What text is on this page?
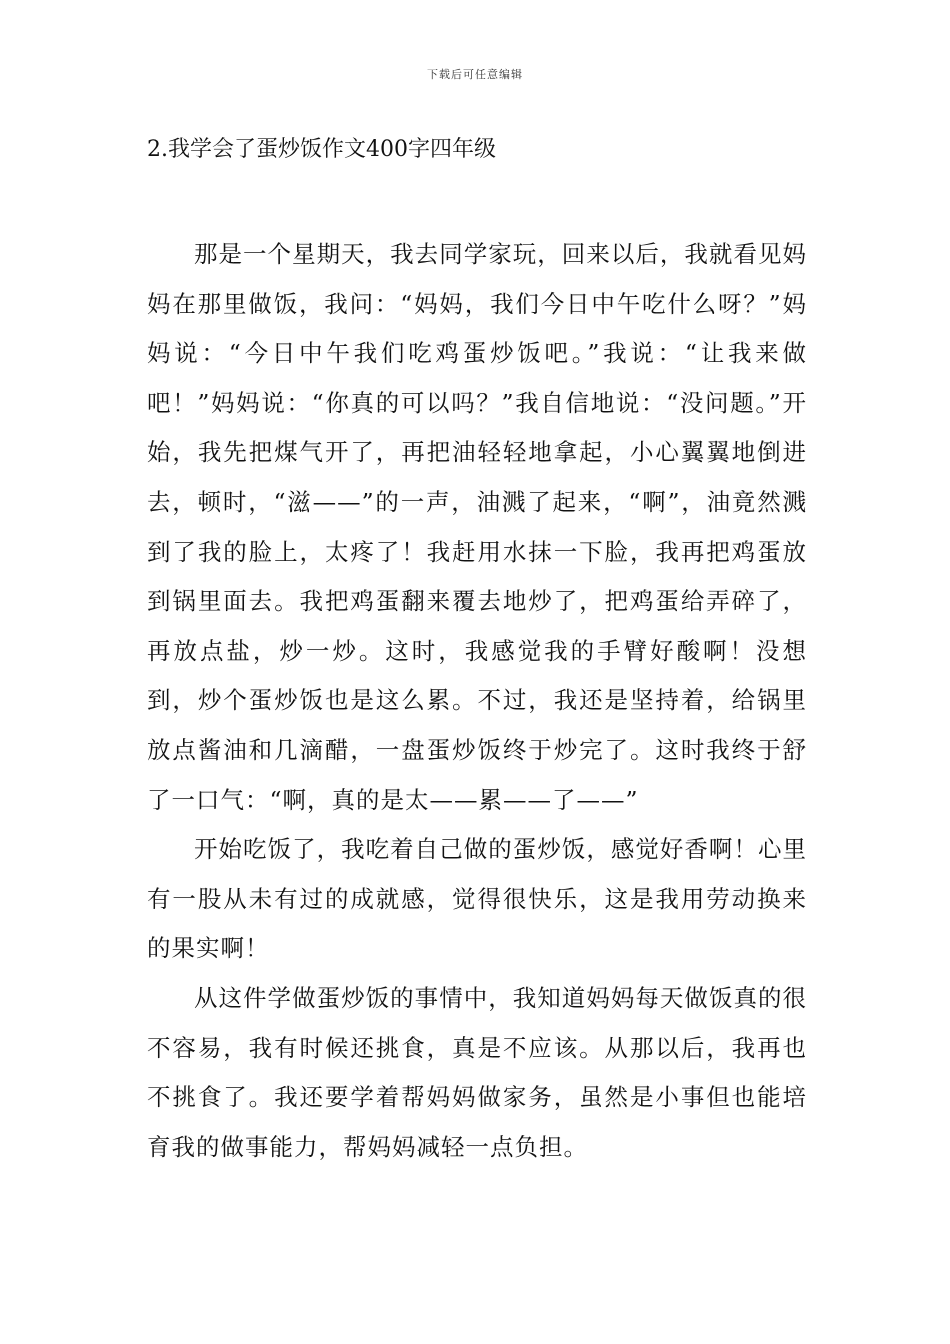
下载后可任意编辑
2.我学会了蛋炒饭作文400字四年级

那是一个星期天，我去同学家玩，回来以后，我就看见妈妈在那里做饭，我问：“妈妈，我们今日中午吃什么呀？”妈妈说：“今日中午我们吃鸡蛋炒饭吧。”我说：“让我来做吧！”妈妈说：“你真的可以吗？”我自信地说：“没问题。”开始，我先把煤气开了，再把油轻轻地拿起，小心翼翼地倒进去，顿时，“滋——”的一声，油溅了起来，“啊”，油竟然溅到了我的脸上，太疼了！我赶用水抹一下脸，我再把鸡蛋放到锅里面去。我把鸡蛋翻来覆去地炒了，把鸡蛋给弄碎了，再放点盐，炒一炒。这时，我感觉我的手臂好酸啊！没想到，炒个蛋炒饭也是这么累。不过，我还是坚持着，给锅里放点酱油和几滴醋，一盘蛋炒饭终于炒完了。这时我终于舒了一口气：“啊，真的是太——累——了——”

开始吃饭了，我吃着自己做的蛋炒饭，感觉好香啊！心里有一股从未有过的成就感，觉得很快乐，这是我用劳动换来的果实啊！

从这件学做蛋炒饭的事情中，我知道妈妈每天做饭真的很不容易，我有时候还挑食，真是不应该。从那以后，我再也不挑食了。我还要学着帮妈妈做家务，虽然是小事但也能培育我的做事能力，帮妈妈减轻一点负担。
